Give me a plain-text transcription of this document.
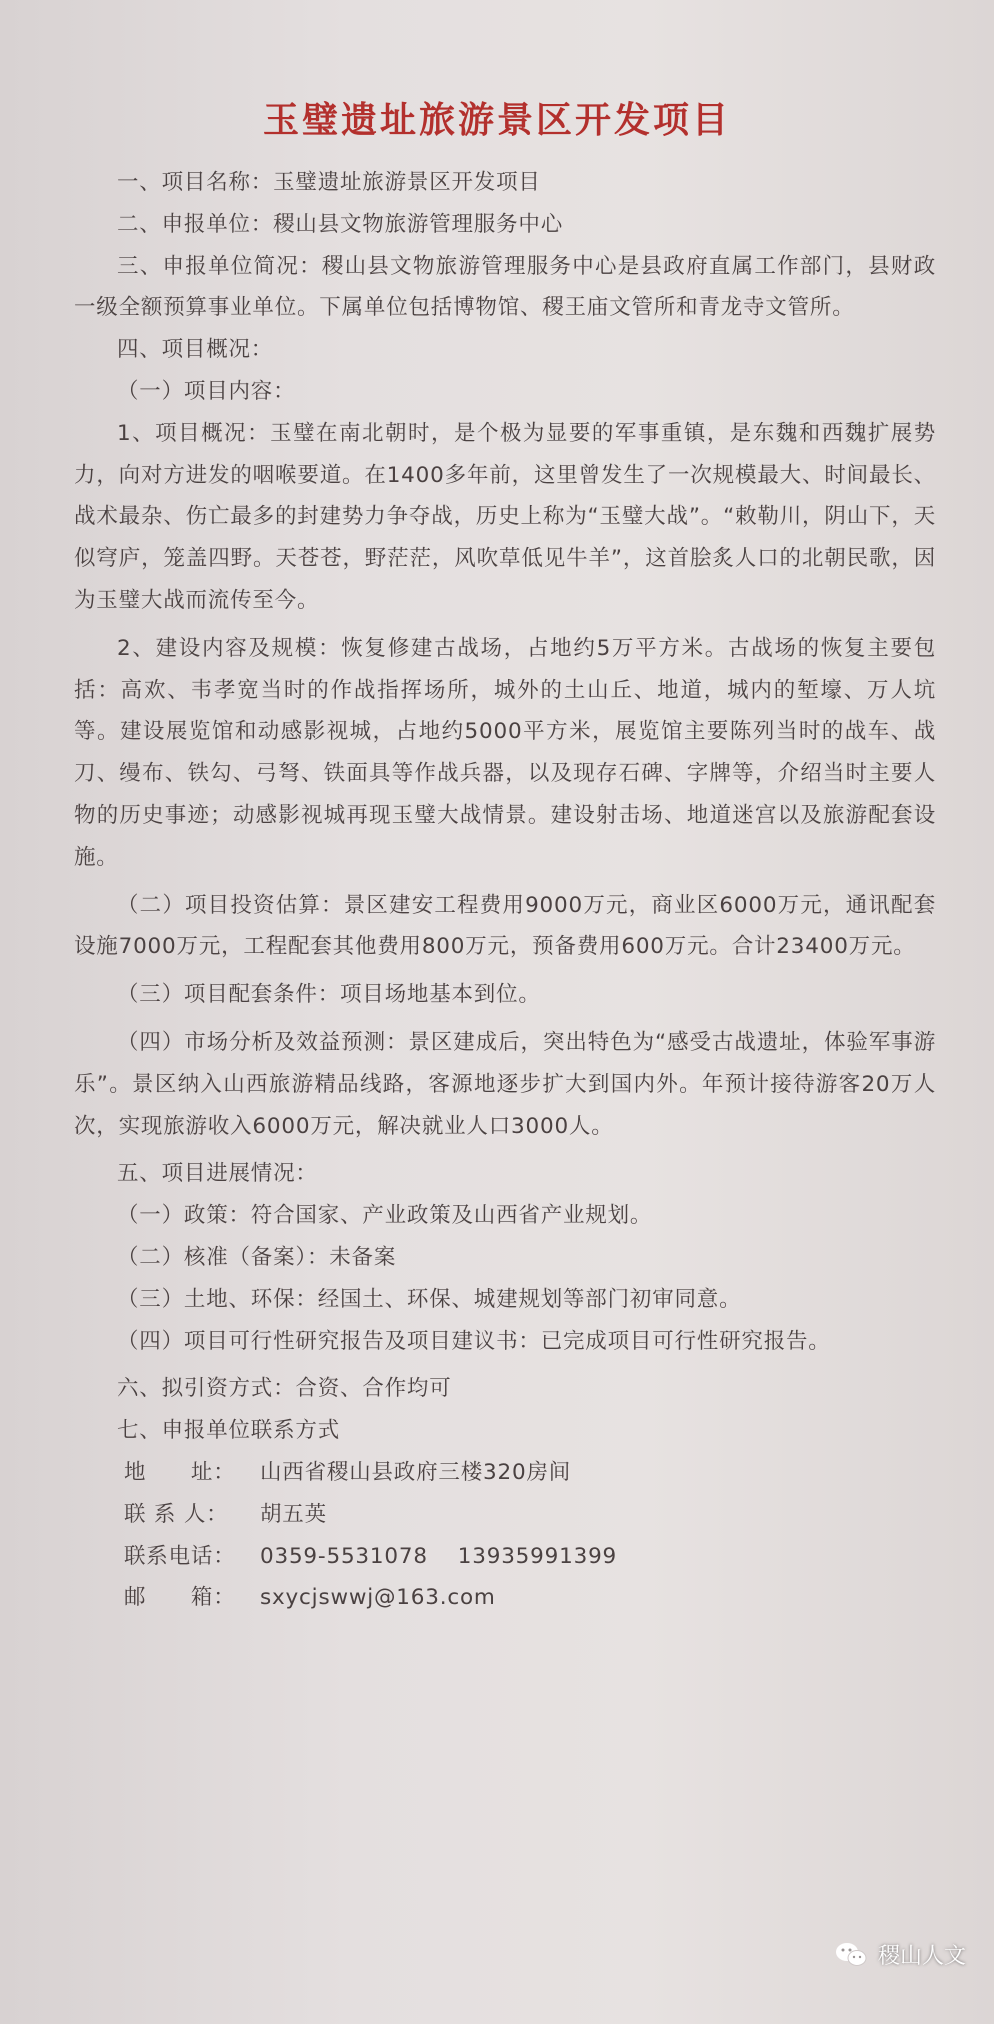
玉璧遗址旅游景区开发项目

一、项目名称：玉璧遗址旅游景区开发项目

二、申报单位：稷山县文物旅游管理服务中心

三、申报单位简况：稷山县文物旅游管理服务中心是县政府直属工作部门，县财政一级全额预算事业单位。下属单位包括博物馆、稷王庙文管所和青龙寺文管所。

四、项目概况：

（一）项目内容：

1、项目概况：玉璧在南北朝时，是个极为显要的军事重镇，是东魏和西魏扩展势力，向对方进发的咽喉要道。在1400多年前，这里曾发生了一次规模最大、时间最长、战术最杂、伤亡最多的封建势力争夺战，历史上称为“玉璧大战”。“敕勒川，阴山下，天似穹庐，笼盖四野。天苍苍，野茫茫，风吹草低见牛羊”，这首脍炙人口的北朝民歌，因为玉璧大战而流传至今。

2、建设内容及规模：恢复修建古战场，占地约5万平方米。古战场的恢复主要包括：高欢、韦孝宽当时的作战指挥场所，城外的土山丘、地道，城内的堑壕、万人坑等。建设展览馆和动感影视城，占地约5000平方米，展览馆主要陈列当时的战车、战刀、缦布、铁勾、弓弩、铁面具等作战兵器，以及现存石碑、字牌等，介绍当时主要人物的历史事迹；动感影视城再现玉璧大战情景。建设射击场、地道迷宫以及旅游配套设施。

（二）项目投资估算：景区建安工程费用9000万元，商业区6000万元，通讯配套设施7000万元，工程配套其他费用800万元，预备费用600万元。合计23400万元。

（三）项目配套条件：项目场地基本到位。

（四）市场分析及效益预测：景区建成后，突出特色为“感受古战遗址，体验军事游乐”。景区纳入山西旅游精品线路，客源地逐步扩大到国内外。年预计接待游客20万人次，实现旅游收入6000万元，解决就业人口3000人。

五、项目进展情况：

（一）政策：符合国家、产业政策及山西省产业规划。

（二）核准（备案）：未备案

（三）土地、环保：经国土、环保、城建规划等部门初审同意。

（四）项目可行性研究报告及项目建议书：已完成项目可行性研究报告。

六、拟引资方式：合资、合作均可

七、申报单位联系方式

地　　址：	山西省稷山县政府三楼320房间
联 系 人：	胡五英
联系电话：	0359-5531078　 13935991399
邮　　箱：	sxycjswwj@163.com
稷山人文
